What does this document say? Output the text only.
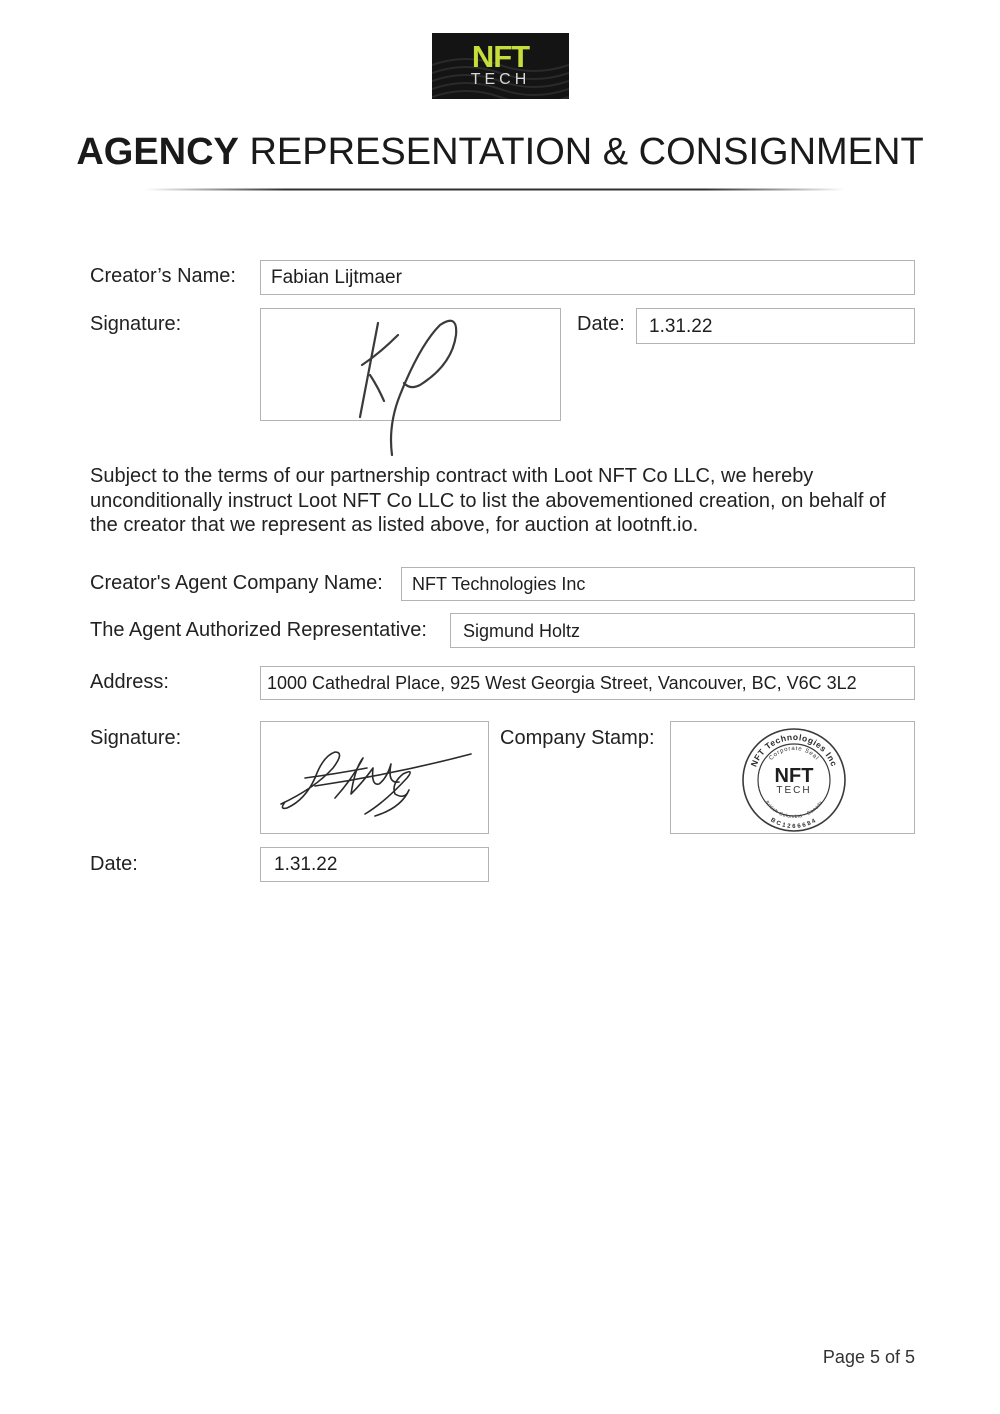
NFT
TECH
AGENCY REPRESENTATION & CONSIGNMENT
Creator’s Name:	Fabian Lijtmaer
Signature:	Date:	1.31.22
Subject to the terms of our partnership contract with Loot NFT Co LLC, we hereby
unconditionally instruct Loot NFT Co LLC to list the abovementioned creation, on behalf of
the creator that we represent as listed above, for auction at lootnft.io.
Creator's Agent Company Name:	NFT Technologies Inc
The Agent Authorized Representative:	Sigmund Holtz
Address:	1000 Cathedral Place, 925 West Georgia Street, Vancouver, BC, V6C 3L2
Signature:	Company Stamp:
NFT Technologies Inc
Corporate Seal
British Columbia · Canada
BC1266684
NFT
TECH
Date:	1.31.22
Page 5 of 5
